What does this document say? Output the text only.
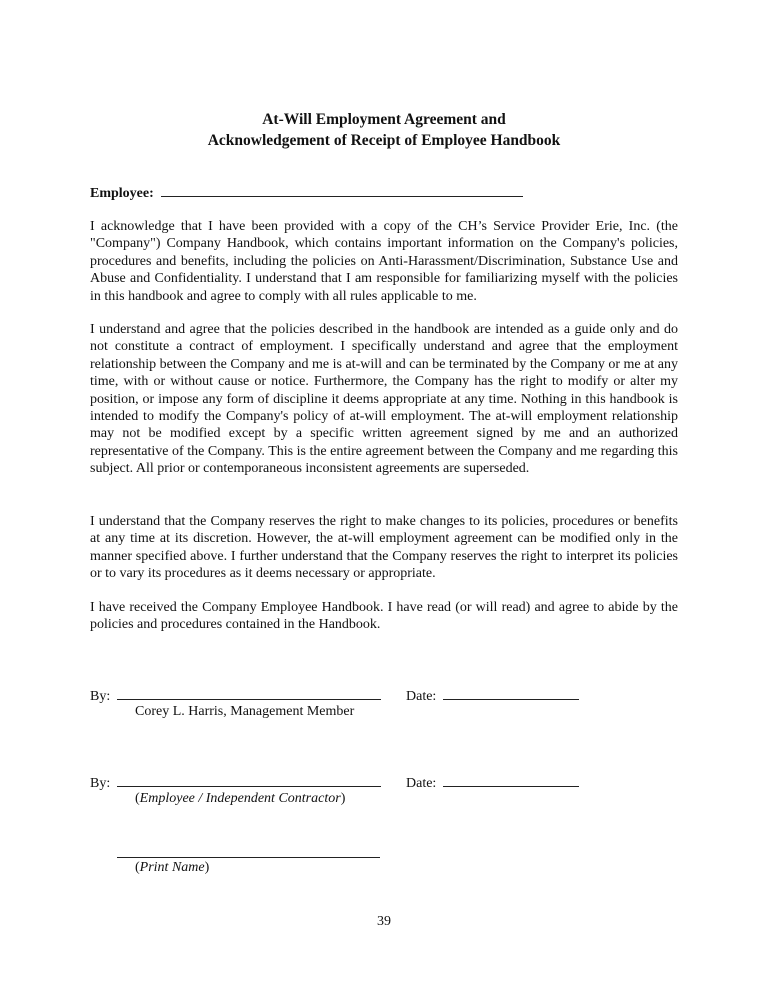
At-Will Employment Agreement and
Acknowledgement of Receipt of Employee Handbook
Employee:

I acknowledge that I have been provided with a copy of the CH’s Service Provider Erie, Inc. (the "Company") Company Handbook, which contains important information on the Company's policies, procedures and benefits, including the policies on Anti-Harassment/Discrimination, Substance Use and Abuse and Confidentiality. I understand that I am responsible for familiarizing myself with the policies in this handbook and agree to comply with all rules applicable to me.

I understand and agree that the policies described in the handbook are intended as a guide only and do not constitute a contract of employment. I specifically understand and agree that the employment relationship between the Company and me is at-will and can be terminated by the Company or me at any time, with or without cause or notice. Furthermore, the Company has the right to modify or alter my position, or impose any form of discipline it deems appropriate at any time. Nothing in this handbook is intended to modify the Company's policy of at-will employment. The at-will employment relationship may not be modified except by a specific written agreement signed by me and an authorized representative of the Company. This is the entire agreement between the Company and me regarding this subject. All prior or contemporaneous inconsistent agreements are superseded.

I understand that the Company reserves the right to make changes to its policies, procedures or benefits at any time at its discretion. However, the at-will employment agreement can be modified only in the manner specified above. I further understand that the Company reserves the right to interpret its policies or to vary its procedures as it deems necessary or appropriate.

I have received the Company Employee Handbook. I have read (or will read) and agree to abide by the policies and procedures contained in the Handbook.

By:	Date:
Corey L. Harris, Management Member
By:	Date:
(Employee / Independent Contractor)
(Print Name)
39
